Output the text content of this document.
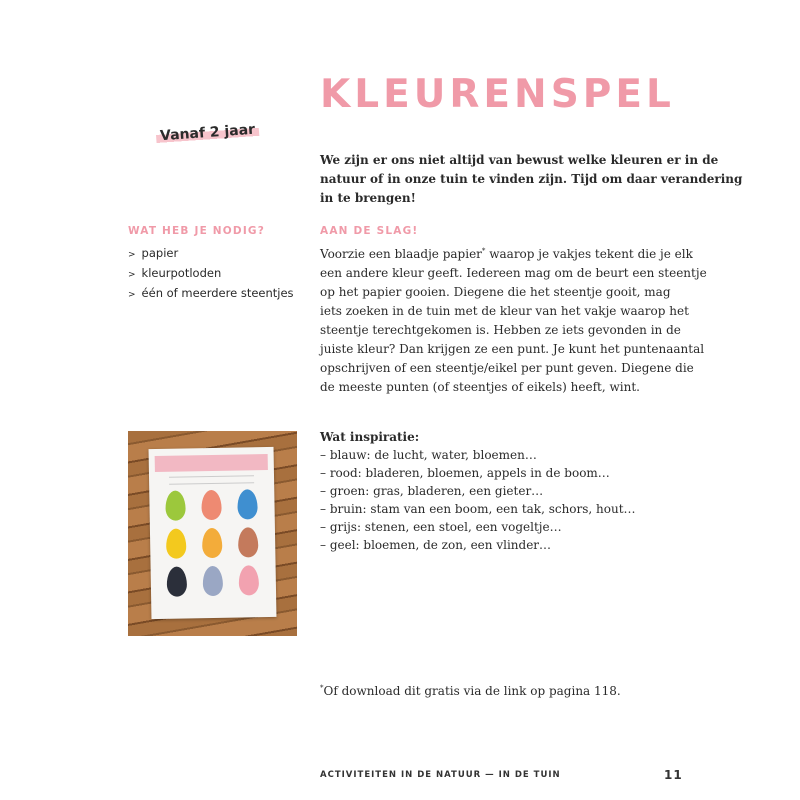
KLEURENSPEL
Vanaf 2 jaar
We zijn er ons niet altijd van bewust welke kleuren er in de
natuur of in onze tuin te vinden zijn. Tijd om daar verandering
in te brengen!
WAT HEB JE NODIG?
> papier
> kleurpotloden
> één of meerdere steentjes
AAN DE SLAG!
Voorzie een blaadje papier* waarop je vakjes tekent die je elk
een andere kleur geeft. Iedereen mag om de beurt een steentje
op het papier gooien. Diegene die het steentje gooit, mag
iets zoeken in de tuin met de kleur van het vakje waarop het
steentje terechtgekomen is. Hebben ze iets gevonden in de
juiste kleur? Dan krijgen ze een punt. Je kunt het puntenaantal
opschrijven of een steentje/eikel per punt geven. Diegene die
de meeste punten (of steentjes of eikels) heeft, wint.
Wat inspiratie:
– blauw: de lucht, water, bloemen…
– rood: bladeren, bloemen, appels in de boom…
– groen: gras, bladeren, een gieter…
– bruin: stam van een boom, een tak, schors, hout…
– grijs: stenen, een stoel, een vogeltje…
– geel: bloemen, de zon, een vlinder…
*Of download dit gratis via de link op pagina 118.
ACTIVITEITEN IN DE NATUUR — IN DE TUIN	11
